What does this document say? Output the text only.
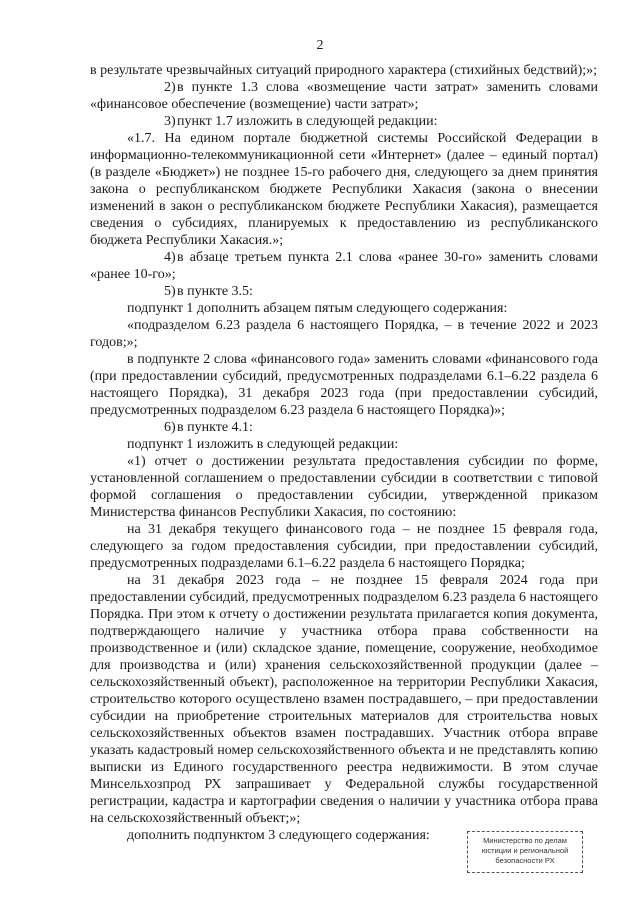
2

в результате чрезвычайных ситуаций природного характера (стихийных бедствий);»;

2)в пункте 1.3 слова «возмещение части затрат» заменить словами «финансовое обеспечение (возмещение) части затрат»;

3)пункт 1.7 изложить в следующей редакции:

«1.7. На едином портале бюджетной системы Российской Федерации в информационно-телекоммуникационной сети «Интернет» (далее – единый портал) (в разделе «Бюджет») не позднее 15-го рабочего дня, следующего за днем принятия закона о республиканском бюджете Республики Хакасия (закона о внесении изменений в закон о республиканском бюджете Республики Хакасия), размещается сведения о субсидиях, планируемых к предоставлению из республиканского бюджета Республики Хакасия.»;

4)в абзаце третьем пункта 2.1 слова «ранее 30-го» заменить словами «ранее 10-го»;

5)в пункте 3.5:

подпункт 1 дополнить абзацем пятым следующего содержания:

«подразделом 6.23 раздела 6 настоящего Порядка, – в течение 2022 и 2023 годов;»;

в подпункте 2 слова «финансового года» заменить словами «финансового года (при предоставлении субсидий, предусмотренных подразделами 6.1–6.22 раздела 6 настоящего Порядка), 31 декабря 2023 года (при предоставлении субсидий, предусмотренных подразделом 6.23 раздела 6 настоящего Порядка)»;

6)в пункте 4.1:

подпункт 1 изложить в следующей редакции:

«1) отчет о достижении результата предоставления субсидии по форме, установленной соглашением о предоставлении субсидии в соответствии с типовой формой соглашения о предоставлении субсидии, утвержденной приказом Министерства финансов Республики Хакасия, по состоянию:

на 31 декабря текущего финансового года – не позднее 15 февраля года, следующего за годом предоставления субсидии, при предоставлении субсидий, предусмотренных подразделами 6.1–6.22 раздела 6 настоящего Порядка;

на 31 декабря 2023 года – не позднее 15 февраля 2024 года при предоставлении субсидий, предусмотренных подразделом 6.23 раздела 6 настоящего Порядка. При этом к отчету о достижении результата прилагается копия документа, подтверждающего наличие у участника отбора права собственности на производственное и (или) складское здание, помещение, сооружение, необходимое для производства и (или) хранения сельскохозяйственной продукции (далее – сельскохозяйственный объект), расположенное на территории Республики Хакасия, строительство которого осуществлено взамен пострадавшего, – при предоставлении субсидии на приобретение строительных материалов для строительства новых сельскохозяйственных объектов взамен пострадавших. Участник отбора вправе указать кадастровый номер сельскохозяйственного объекта и не представлять копию выписки из Единого государственного реестра недвижимости. В этом случае Минсельхозпрод РХ запрашивает у Федеральной службы государственной регистрации, кадастра и картографии сведения о наличии у участника отбора права на сельскохозяйственный объект;»;

дополнить подпунктом 3 следующего содержания:	Министерство по делам
юстиции и региональной
безопасности РХ
